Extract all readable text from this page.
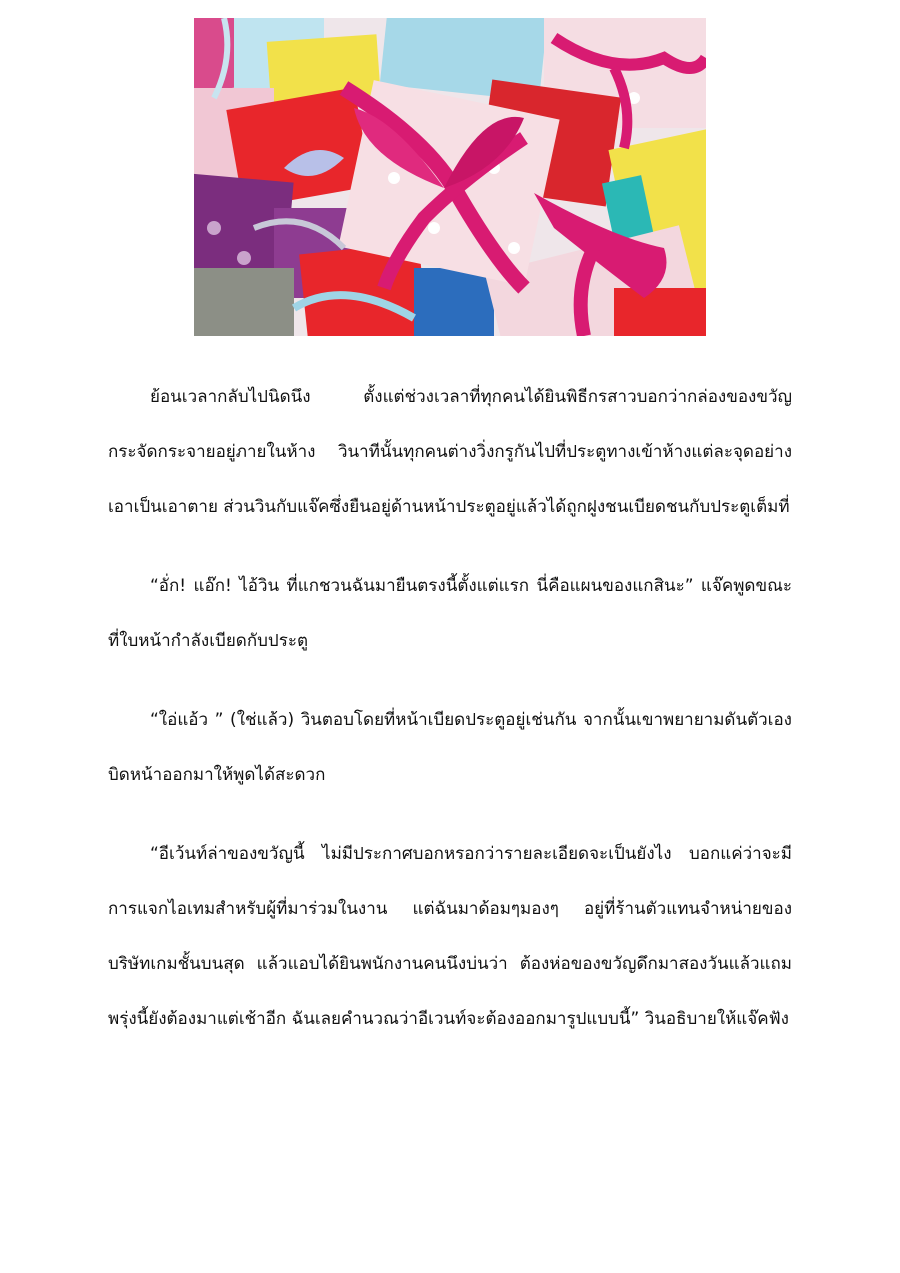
ย้อนเวลากลับไปนิดนึง ตั้งแต่ช่วงเวลาที่ทุกคนได้ยินพิธีกรสาวบอกว่ากล่องของขวัญกระจัดกระจายอยู่ภายในห้าง วินาทีนั้นทุกคนต่างวิ่งกรูกันไปที่ประตูทางเข้าห้างแต่ละจุดอย่างเอาเป็นเอาตาย ส่วนวินกับแจ๊คซึ่งยืนอยู่ด้านหน้าประตูอยู่แล้วได้ถูกฝูงชนเบียดชนกับประตูเต็มที่

“อั่ก! แอ๊ก! ไอ้วิน ที่แกชวนฉันมายืนตรงนี้ตั้งแต่แรก นี่คือแผนของแกสินะ” แจ๊คพูดขณะที่ใบหน้ากำลังเบียดกับประตู

“ใอ่แอ้ว ” (ใช่แล้ว) วินตอบโดยที่หน้าเบียดประตูอยู่เช่นกัน จากนั้นเขาพยายามดันตัวเองบิดหน้าออกมาให้พูดได้สะดวก

“อีเว้นท์ล่าของขวัญนี้ ไม่มีประกาศบอกหรอกว่ารายละเอียดจะเป็นยังไง บอกแค่ว่าจะมีการแจกไอเทมสำหรับผู้ที่มาร่วมในงาน แต่ฉันมาด้อมๆมองๆ อยู่ที่ร้านตัวแทนจำหน่ายของบริษัทเกมชั้นบนสุด แล้วแอบได้ยินพนักงานคนนึงบ่นว่า ต้องห่อของขวัญดึกมาสองวันแล้วแถมพรุ่งนี้ยังต้องมาแต่เช้าอีก ฉันเลยคำนวณว่าอีเวนท์จะต้องออกมารูปแบบนี้” วินอธิบายให้แจ๊คฟัง
